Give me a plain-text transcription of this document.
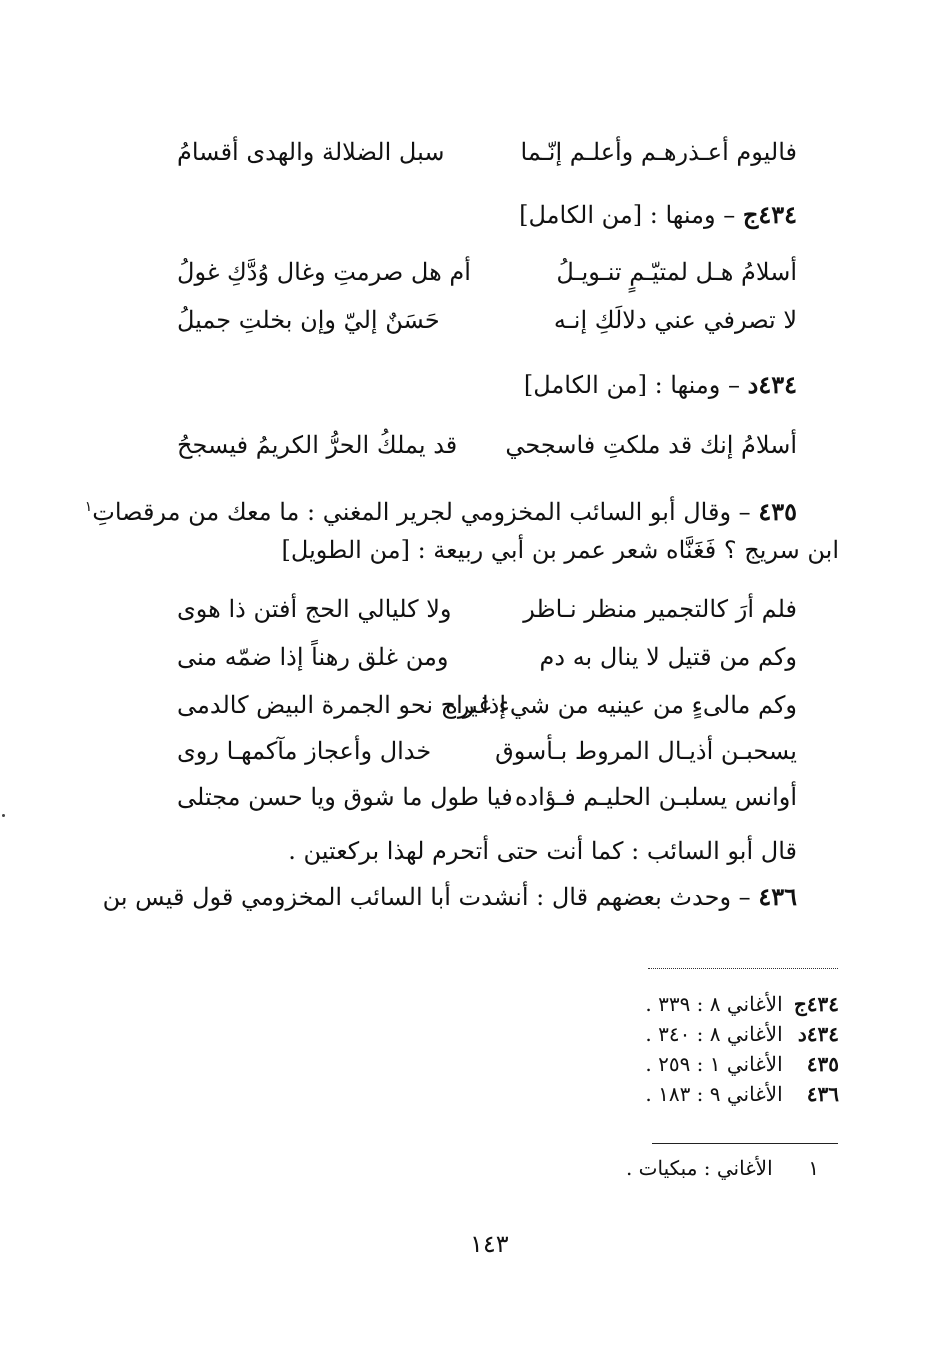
فاليوم أعـذرهـم وأعلـم إنّـما
سبل الضلالة والهدى أقسامُ
٤٣٤ج – ومنها : [من الكامل]
أسلامُ هـل لمتيّـمٍ تنـويـلُ
أم هل صرمتِ وغال وُدَّكِ غولُ
لا تصرفي عني دلالَكِ إنـه
حَسَنٌ إليّ وإن بخلتِ جميلُ
٤٣٤د – ومنها : [من الكامل]
أسلامُ إنك قد ملكتِ فاسجحي
قد يملكُ الحرُّ الكريمُ فيسجحُ
٤٣٥ – وقال أبو السائب المخزومي لجرير المغني : ما معك من مرقصاتِ$^١$
ابن سريج ؟ فَغَنَّاه شعر عمر بن أبي ربيعة : [من الطويل]
فلم أرَ كالتجمير منظر نـاظر
ولا كليالي الحج أفتن ذا هوى
وكم من قتيل لا ينال به دم
ومن غلق رهناً إذا ضمّه منى
وكم مالىءٍ من عينيه من شيء غيره
إذا راح نحو الجمرة البيض كالدمى
يسحبـن أذيـال المروط بـأسوق
خدال وأعجاز مآكمهـا روى
أوانس يسلبـن الحليـم فـؤاده
فيا طول ما شوق ويا حسن مجتلى
قال أبو السائب : كما أنت حتى أتحرم لهذا بركعتين .
٤٣٦ – وحدث بعضهم قال : أنشدت أبا السائب المخزومي قول قيس بن
٤٣٤ج الأغاني ٨ : ٣٣٩ .
٤٣٤د الأغاني ٨ : ٣٤٠ .
٤٣٥ الأغاني ١ : ٢٥٩ .
٤٣٦ الأغاني ٩ : ١٨٣ .
١ الأغاني : مبكيات .
١٤٣
